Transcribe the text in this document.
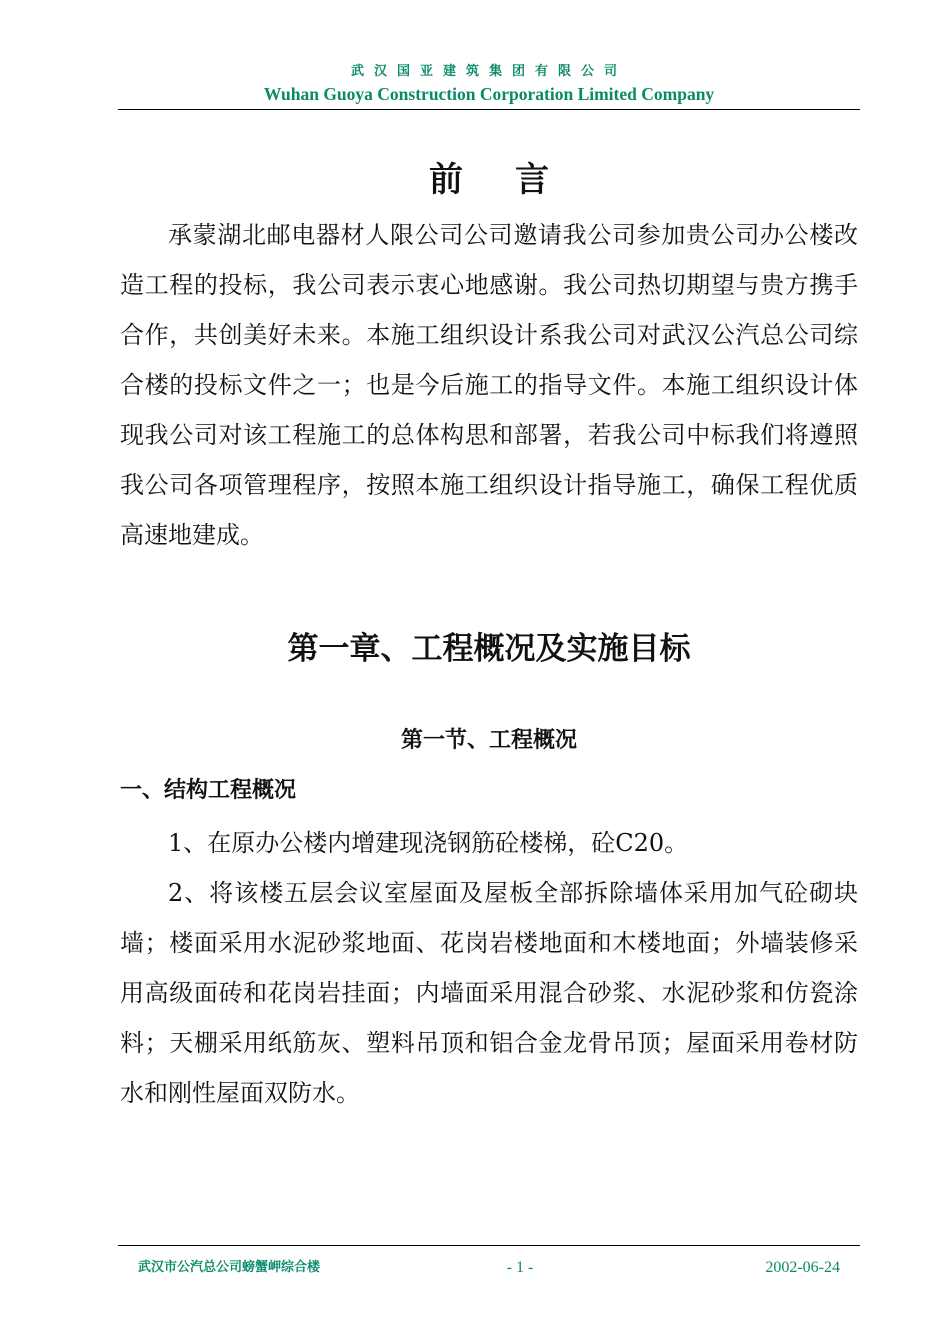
武汉国亚建筑集团有限公司
Wuhan Guoya Construction Corporation Limited Company
前言

承蒙湖北邮电器材人限公司公司邀请我公司参加贵公司办公楼改造工程的投标，我公司表示衷心地感谢。我公司热切期望与贵方携手合作，共创美好未来。本施工组织设计系我公司对武汉公汽总公司综合楼的投标文件之一；也是今后施工的指导文件。本施工组织设计体现我公司对该工程施工的总体构思和部署，若我公司中标我们将遵照我公司各项管理程序，按照本施工组织设计指导施工，确保工程优质高速地建成。

第一章、工程概况及实施目标
第一节、工程概况
一、结构工程概况

1、在原办公楼内增建现浇钢筋砼楼梯，砼C20。

2、将该楼五层会议室屋面及屋板全部拆除墙体采用加气砼砌块墙；楼面采用水泥砂浆地面、花岗岩楼地面和木楼地面；外墙装修采用高级面砖和花岗岩挂面；内墙面采用混合砂浆、水泥砂浆和仿瓷涂料；天棚采用纸筋灰、塑料吊顶和铝合金龙骨吊顶；屋面采用卷材防水和刚性屋面双防水。

武汉市公汽总公司螃蟹岬综合楼	- 1 -	2002-06-24
